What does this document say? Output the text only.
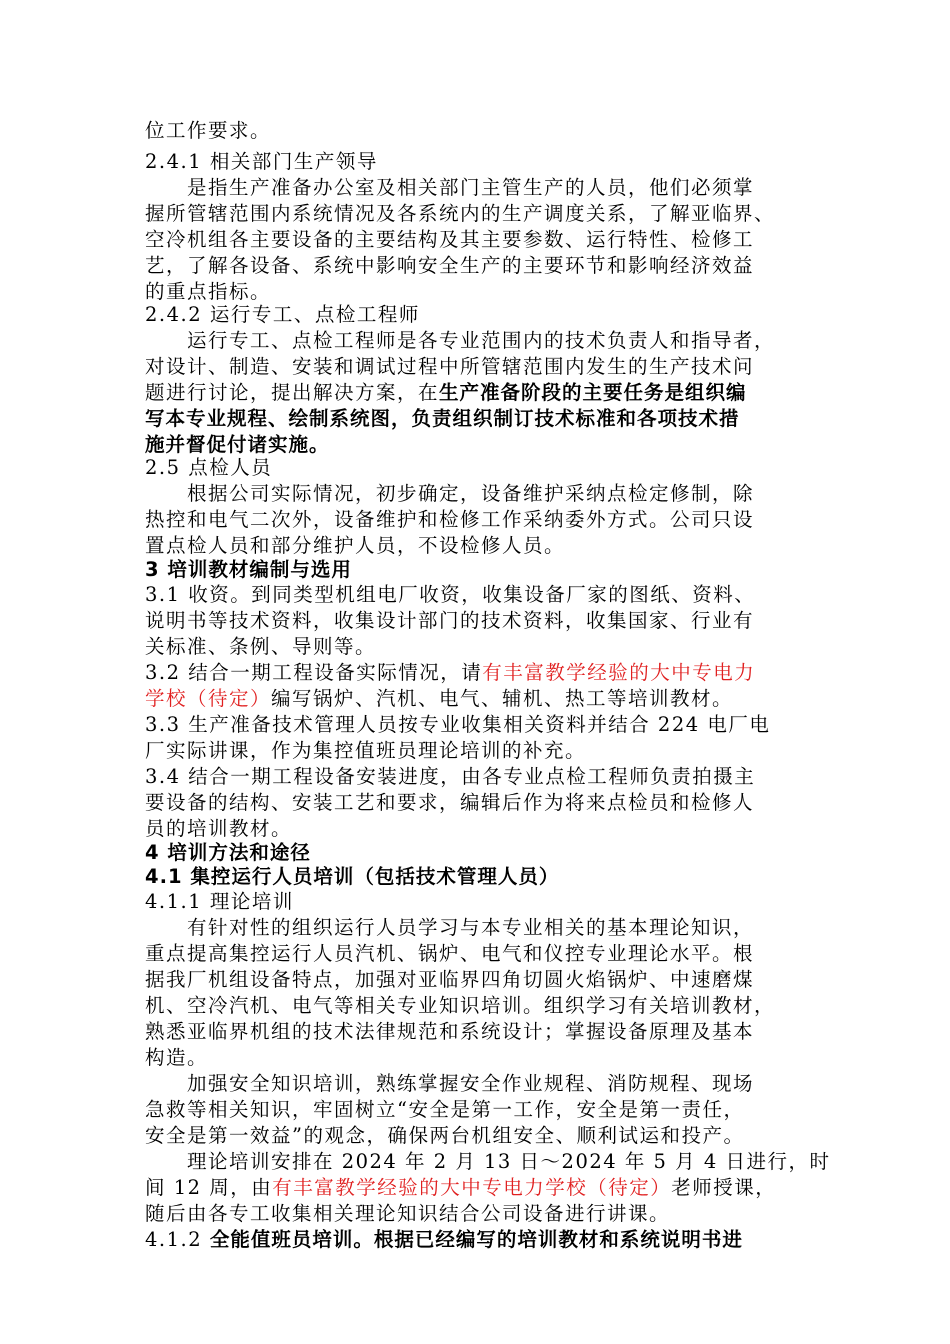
位工作要求。
2.4.1 相关部门生产领导
是指生产准备办公室及相关部门主管生产的人员，他们必须掌
握所管辖范围内系统情况及各系统内的生产调度关系，了解亚临界、
空冷机组各主要设备的主要结构及其主要参数、运行特性、检修工
艺，了解各设备、系统中影响安全生产的主要环节和影响经济效益
的重点指标。
2.4.2 运行专工、点检工程师
运行专工、点检工程师是各专业范围内的技术负责人和指导者，
对设计、制造、安装和调试过程中所管辖范围内发生的生产技术问
题进行讨论，提出解决方案，在生产准备阶段的主要任务是组织编
写本专业规程、绘制系统图，负责组织制订技术标准和各项技术措
施并督促付诸实施。
2.5 点检人员
根据公司实际情况，初步确定，设备维护采纳点检定修制，除
热控和电气二次外，设备维护和检修工作采纳委外方式。公司只设
置点检人员和部分维护人员，不设检修人员。
3 培训教材编制与选用
3.1 收资。到同类型机组电厂收资，收集设备厂家的图纸、资料、
说明书等技术资料，收集设计部门的技术资料，收集国家、行业有
关标准、条例、导则等。
3.2 结合一期工程设备实际情况，请有丰富教学经验的大中专电力
学校（待定）编写锅炉、汽机、电气、辅机、热工等培训教材。
3.3 生产准备技术管理人员按专业收集相关资料并结合 224 电厂电
厂实际讲课，作为集控值班员理论培训的补充。
3.4 结合一期工程设备安装进度，由各专业点检工程师负责拍摄主
要设备的结构、安装工艺和要求，编辑后作为将来点检员和检修人
员的培训教材。
4 培训方法和途径
4.1 集控运行人员培训（包括技术管理人员）
4.1.1 理论培训
有针对性的组织运行人员学习与本专业相关的基本理论知识，
重点提高集控运行人员汽机、锅炉、电气和仪控专业理论水平。根
据我厂机组设备特点，加强对亚临界四角切圆火焰锅炉、中速磨煤
机、空冷汽机、电气等相关专业知识培训。组织学习有关培训教材，
熟悉亚临界机组的技术法律规范和系统设计；掌握设备原理及基本
构造。
加强安全知识培训，熟练掌握安全作业规程、消防规程、现场
急救等相关知识，牢固树立“安全是第一工作，安全是第一责任，
安全是第一效益”的观念，确保两台机组安全、顺利试运和投产。
理论培训安排在 2024 年 2 月 13 日～2024 年 5 月 4 日进行，时
间 12 周，由有丰富教学经验的大中专电力学校（待定）老师授课，
随后由各专工收集相关理论知识结合公司设备进行讲课。
4.1.2 全能值班员培训。根据已经编写的培训教材和系统说明书进
